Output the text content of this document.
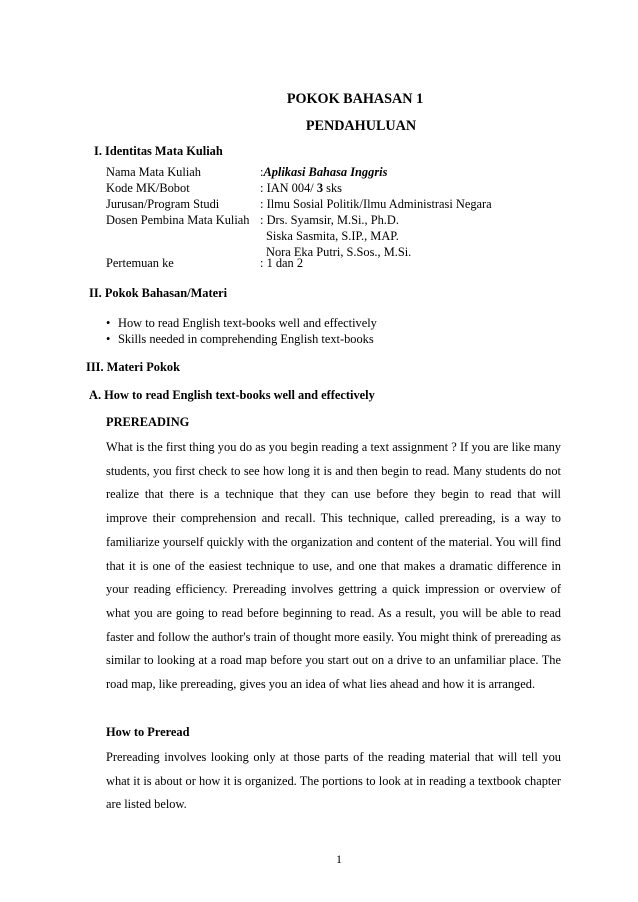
POKOK BAHASAN 1
PENDAHULUAN
I. Identitas Mata Kuliah
Nama Mata Kuliah	:Aplikasi Bahasa Inggris
Kode MK/Bobot	: IAN 004/ 3 sks
Jurusan/Program Studi	: Ilmu Sosial Politik/Ilmu Administrasi Negara
Dosen Pembina Mata Kuliah : Drs. Syamsir, M.Si., Ph.D.
Siska Sasmita, S.IP., MAP.
Nora Eka Putri, S.Sos., M.Si.
Pertemuan ke	: 1 dan 2
II. Pokok Bahasan/Materi
• How to read English text-books well and effectively
• Skills needed in comprehending English text-books
III. Materi Pokok
A. How to read English text-books well and effectively
PREREADING
What is the first thing you do as you begin reading a text assignment ? If you are like many students, you first check to see how long it is and then begin to read. Many students do not realize that there is a technique that they can use before they begin to read that will improve their comprehension and recall. This technique, called prereading, is a way to familiarize yourself quickly with the organization and content of the material. You will find that it is one of the easiest technique to use, and one that makes a dramatic difference in your reading efficiency. Prereading involves gettring a quick impression or overview of what you are going to read before beginning to read. As a result, you will be able to read faster and follow the author's train of thought more easily. You might think of prereading as similar to looking at a road map before you start out on a drive to an unfamiliar place. The road map, like prereading, gives you an idea of what lies ahead and how it is arranged.
How to Preread
Prereading involves looking only at those parts of the reading material that will tell you what it is about or how it is organized. The portions to look at in reading a textbook chapter are listed below.
1
